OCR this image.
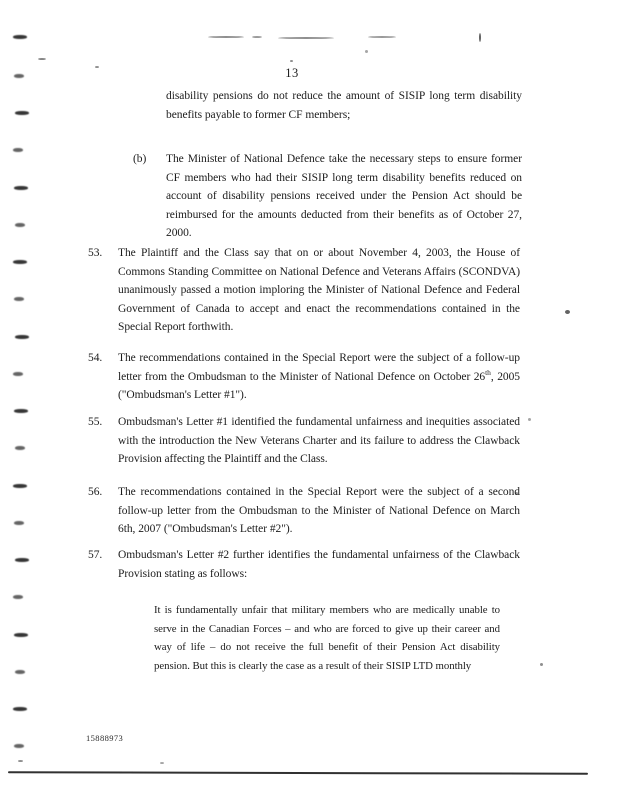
13
disability pensions do not reduce the amount of SISIP long term disability benefits payable to former CF members;
(b) The Minister of National Defence take the necessary steps to ensure former CF members who had their SISIP long term disability benefits reduced on account of disability pensions received under the Pension Act should be reimbursed for the amounts deducted from their benefits as of October 27, 2000.
53. The Plaintiff and the Class say that on or about November 4, 2003, the House of Commons Standing Committee on National Defence and Veterans Affairs (SCONDVA) unanimously passed a motion imploring the Minister of National Defence and Federal Government of Canada to accept and enact the recommendations contained in the Special Report forthwith.
54. The recommendations contained in the Special Report were the subject of a follow-up letter from the Ombudsman to the Minister of National Defence on October 26th, 2005 ("Ombudsman's Letter #1").
55. Ombudsman's Letter #1 identified the fundamental unfairness and inequities associated with the introduction the New Veterans Charter and its failure to address the Clawback Provision affecting the Plaintiff and the Class.
56. The recommendations contained in the Special Report were the subject of a second follow-up letter from the Ombudsman to the Minister of National Defence on March 6th, 2007 ("Ombudsman's Letter #2").
57. Ombudsman's Letter #2 further identifies the fundamental unfairness of the Clawback Provision stating as follows:
It is fundamentally unfair that military members who are medically unable to serve in the Canadian Forces – and who are forced to give up their career and way of life – do not receive the full benefit of their Pension Act disability pension. But this is clearly the case as a result of their SISIP LTD monthly
15888973
